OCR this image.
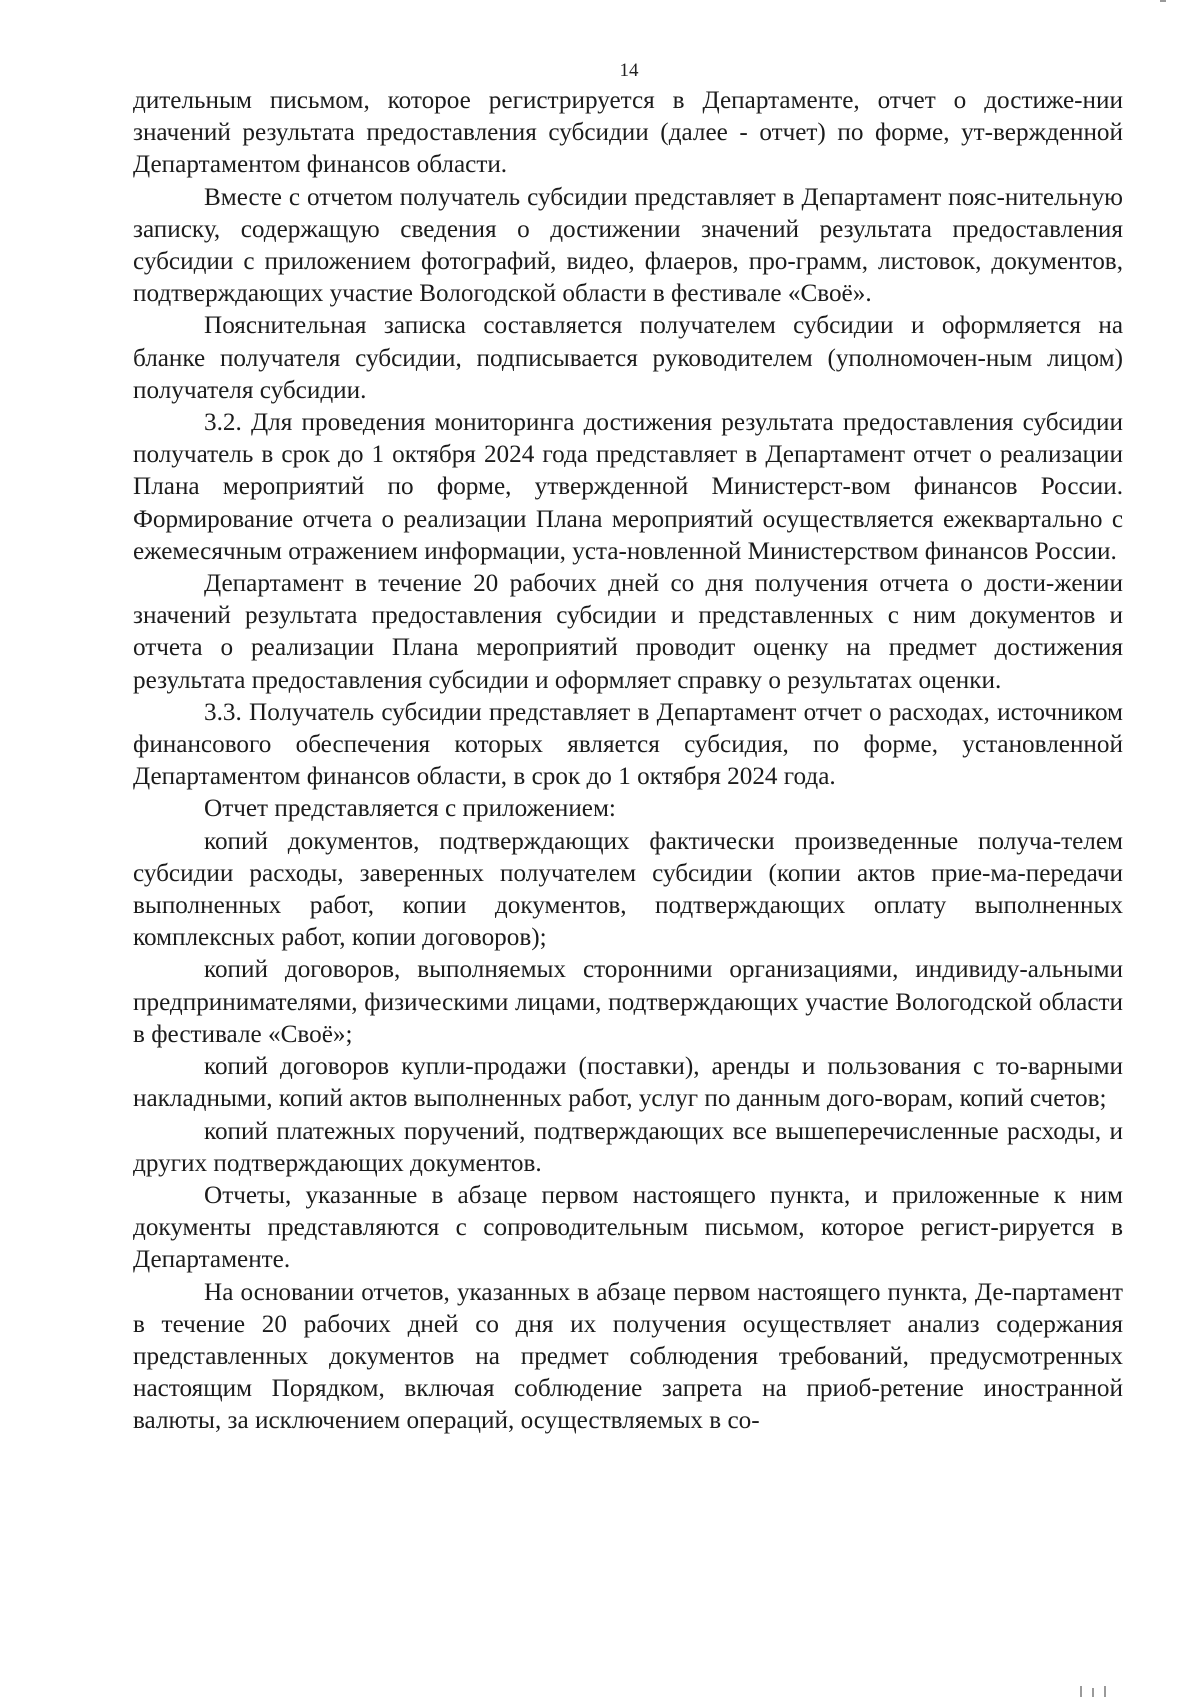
14

дительным письмом, которое регистрируется в Департаменте, отчет о достиже-нии значений результата предоставления субсидии (далее - отчет) по форме, ут-вержденной Департаментом финансов области.

Вместе с отчетом получатель субсидии представляет в Департамент пояс-нительную записку, содержащую сведения о достижении значений результата предоставления субсидии с приложением фотографий, видео, флаеров, про-грамм, листовок, документов, подтверждающих участие Вологодской области в фестивале «Своё».

Пояснительная записка составляется получателем субсидии и оформляется на бланке получателя субсидии, подписывается руководителем (уполномочен-ным лицом) получателя субсидии.

3.2. Для проведения мониторинга достижения результата предоставления субсидии получатель в срок до 1 октября 2024 года представляет в Департамент отчет о реализации Плана мероприятий по форме, утвержденной Министерст-вом финансов России. Формирование отчета о реализации Плана мероприятий осуществляется ежеквартально с ежемесячным отражением информации, уста-новленной Министерством финансов России.

Департамент в течение 20 рабочих дней со дня получения отчета о дости-жении значений результата предоставления субсидии и представленных с ним документов и отчета о реализации Плана мероприятий проводит оценку на предмет достижения результата предоставления субсидии и оформляет справку о результатах оценки.

3.3. Получатель субсидии представляет в Департамент отчет о расходах, источником финансового обеспечения которых является субсидия, по форме, установленной Департаментом финансов области, в срок до 1 октября 2024 года.

Отчет представляется с приложением:

копий документов, подтверждающих фактически произведенные получа-телем субсидии расходы, заверенных получателем субсидии (копии актов прие-ма-передачи выполненных работ, копии документов, подтверждающих оплату выполненных комплексных работ, копии договоров);

копий договоров, выполняемых сторонними организациями, индивиду-альными предпринимателями, физическими лицами, подтверждающих участие Вологодской области в фестивале «Своё»;

копий договоров купли-продажи (поставки), аренды и пользования с то-варными накладными, копий актов выполненных работ, услуг по данным дого-ворам, копий счетов;

копий платежных поручений, подтверждающих все вышеперечисленные расходы, и других подтверждающих документов.

Отчеты, указанные в абзаце первом настоящего пункта, и приложенные к ним документы представляются с сопроводительным письмом, которое регист-рируется в Департаменте.

На основании отчетов, указанных в абзаце первом настоящего пункта, Де-партамент в течение 20 рабочих дней со дня их получения осуществляет анализ содержания представленных документов на предмет соблюдения требований, предусмотренных настоящим Порядком, включая соблюдение запрета на приоб-ретение иностранной валюты, за исключением операций, осуществляемых в со-
